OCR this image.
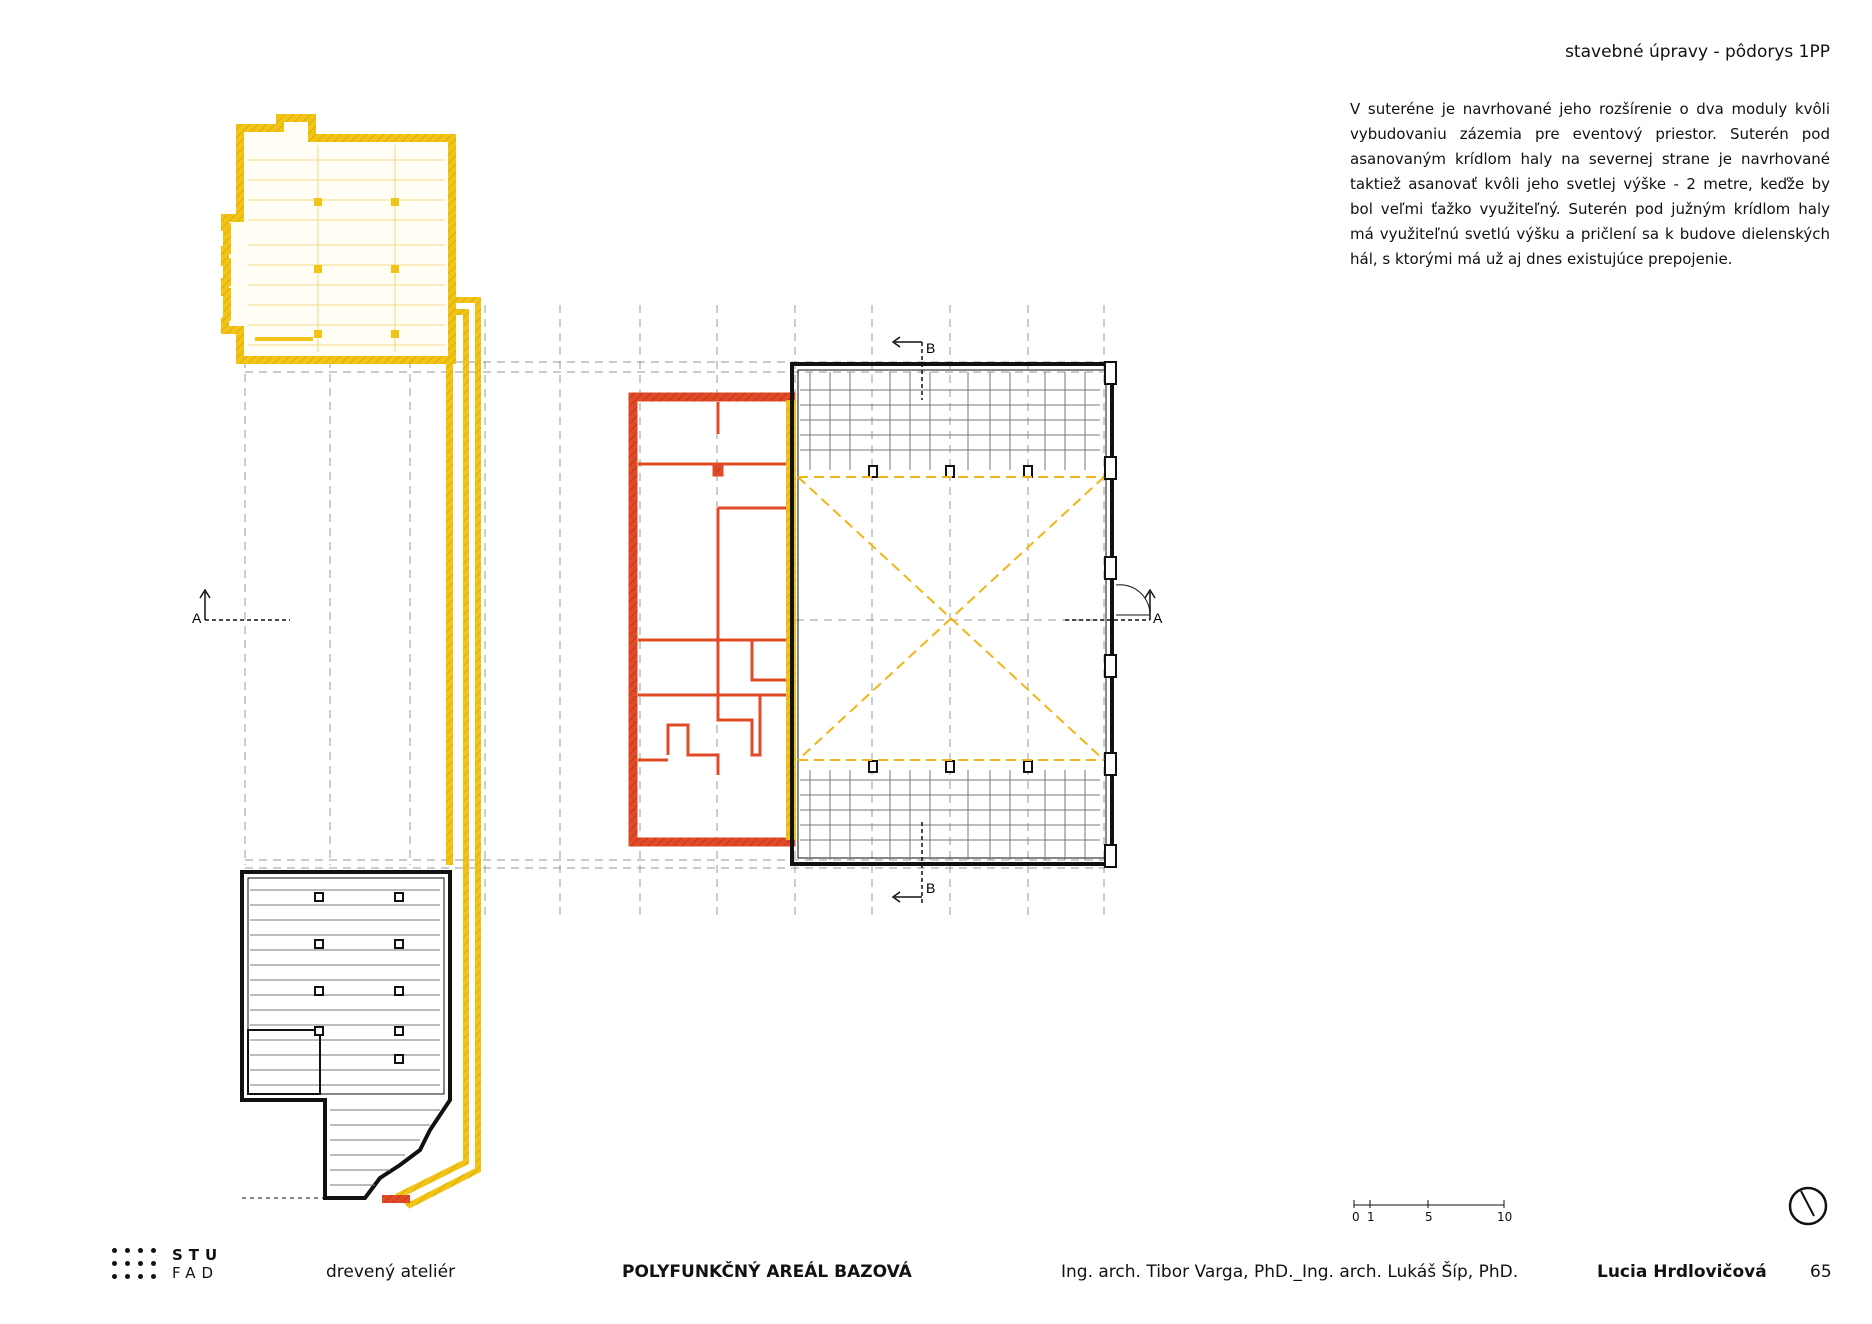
stavebné úpravy - pôdorys 1PP
V suteréne je navrhované jeho rozšírenie o dva moduly kvôli vybudovaniu zázemia pre eventový priestor. Suterén pod asanovaným krídlom haly na severnej strane je navrhované taktiež asanovať kvôli jeho svetlej výške - 2 metre, keďže by bol veľmi ťažko využiteľný. Suterén pod južným krídlom haly má využiteľnú svetlú výšku a pričlení sa k budove dielenských hál, s ktorými má už aj dnes existujúce prepojenie.
A	A
B
B
0 1	5	10
STU
FAD	drevený ateliér	POLYFUNKČNÝ AREÁL BAZOVÁ	Ing. arch. Tibor Varga, PhD._Ing. arch. Lukáš Šíp, PhD.	Lucia Hrdlovičová	65
